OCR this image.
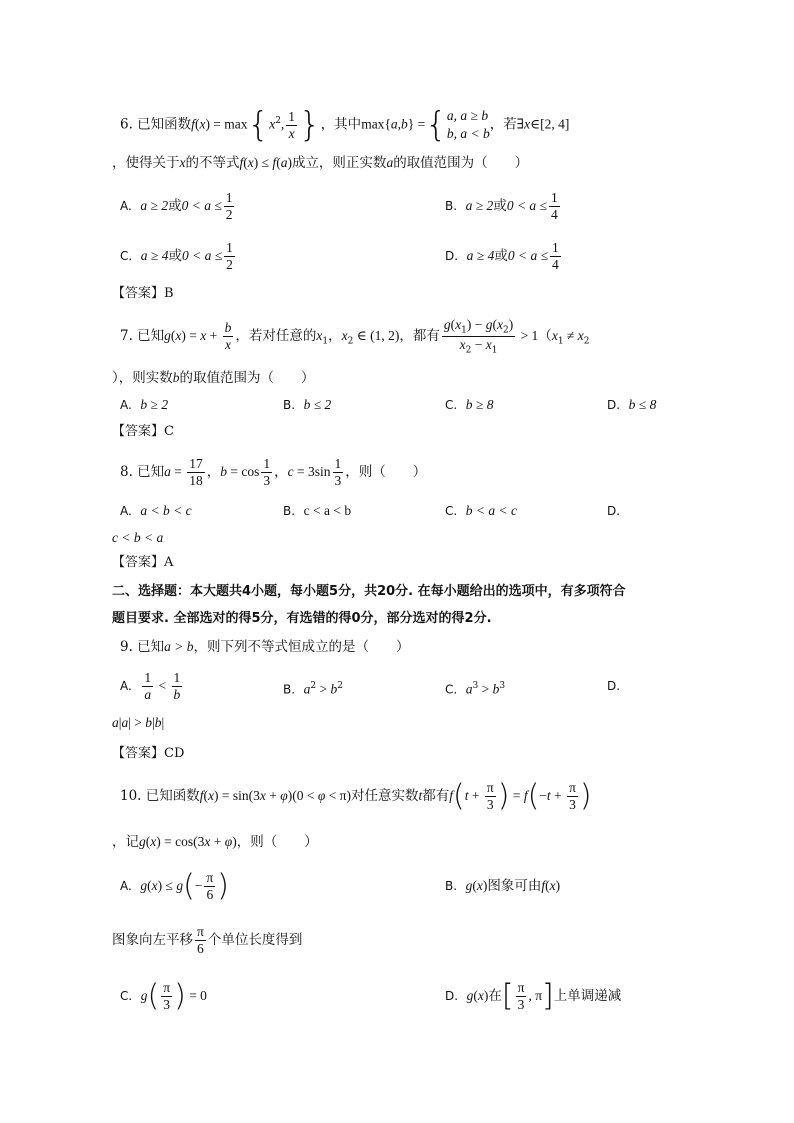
6. 已知函数$f(x) = \max\{x^2$, $\frac{1}{x}$ }，其中max{a,b} ={ a, a ≥ b
b, a < b
，若∃x∈[2, 4]
，使得关于x的不等式f(x) ≤ f(a)成立，则正实数a的取值范围为（　　）
A. a ≥ 2或$0 < a \le \frac{1}{2}$	B. a ≥ 2或$0 < a \le \frac{1}{4}$
C. a ≥ 4或$0 < a \le \frac{1}{2}$	D. a ≥ 4或$0 < a \le \frac{1}{4}$
【答案】B
7. 已知$g(x) = x + \frac{b}{x}$ ，若对任意的$x_1$，$x_2$ ∈ (1, 2)，都有 $\frac{g(x_1) - g(x_2)}{x_2 - x_1} > 1(x_1 \ne x_2$
），则实数b的取值范围为（　　）
A. b ≥ 2	B. b ≤ 2	C. b ≥ 8	D. b ≤ 8
【答案】C
8. 已知$a = \frac{17}{18}$ ，$b = \cos \frac{1}{3}$ ，$c = 3\sin \frac{1}{3}$ ，则（　　）
A. a < b < c	B. c < a < b	C. b < a < c	D.
c < b < a
【答案】A
二、选择题：本大题共4小题，每小题5分，共20分. 在每小题给出的选项中，有多项符合
题目要求. 全部选对的得5分，有选错的得0分，部分选对的得2分.
9. 已知a > b，则下列不等式恒成立的是（　　）
A. $\frac{1}{a} < \frac{1}{b}$	B. $a^2 > b^2$	C. $a^3 > b^3$	D.
a|a| > b|b|
【答案】CD
10. 已知函数f(x) = sin(3x + φ)(0 < φ < π)对任意实数t都有$f(t + \frac{\pi}{3}$ ) = $f(-t + \frac{\pi}{3}$ )
，记g(x) = cos(3x + φ)，则（　　）
A. $g(x) \le g(- \frac{\pi}{6}$ )	B. g(x)图象可由f(x)
图象向左平移 $\frac{\pi}{6}$ 个单位长度得到
C. $g( \frac{\pi}{3}$ ) = 0	D. g(x)在[ $\frac{\pi}{3}$ , π]上单调递减
